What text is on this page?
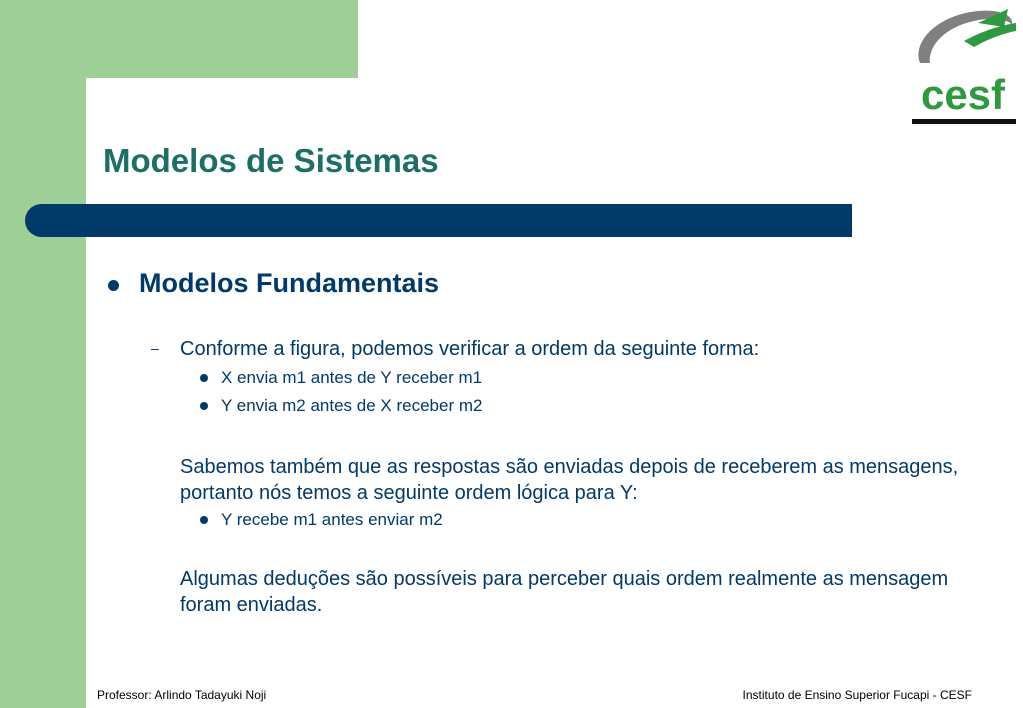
cesf
Modelos de Sistemas
Modelos Fundamentais
– Conforme a figura, podemos verificar a ordem da seguinte forma:
X envia m1 antes de Y receber m1
Y envia m2 antes de X receber m2
Sabemos também que as respostas são enviadas depois de receberem as mensagens, portanto nós temos a seguinte ordem lógica para Y:
Y recebe m1 antes enviar m2
Algumas deduções são possíveis para perceber quais ordem realmente as mensagem foram enviadas.
Professor: Arlindo Tadayuki Noji	Instituto de Ensino Superior Fucapi - CESF
